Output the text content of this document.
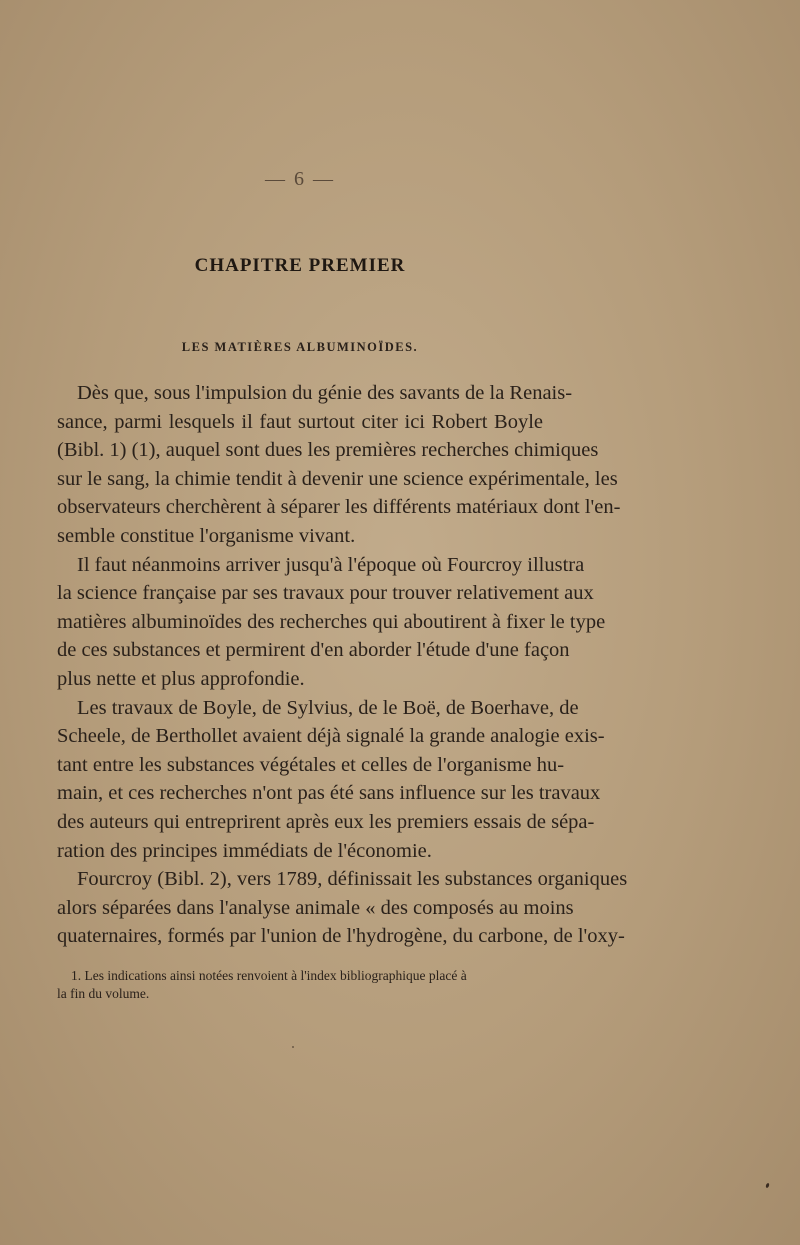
— 6 —
CHAPITRE PREMIER
LES MATIÈRES ALBUMINOÏDES.
Dès que, sous l'impulsion du génie des savants de la Renais-
sance, parmi lesquels il faut surtout citer ici Robert Boyle
(Bibl. 1) (1), auquel sont dues les premières recherches chimiques
sur le sang, la chimie tendit à devenir une science expérimentale, les
observateurs cherchèrent à séparer les différents matériaux dont l'en-
semble constitue l'organisme vivant.
Il faut néanmoins arriver jusqu'à l'époque où Fourcroy illustra
la science française par ses travaux pour trouver relativement aux
matières albuminoïdes des recherches qui aboutirent à fixer le type
de ces substances et permirent d'en aborder l'étude d'une façon
plus nette et plus approfondie.
Les travaux de Boyle, de Sylvius, de le Boë, de Boerhave, de
Scheele, de Berthollet avaient déjà signalé la grande analogie exis-
tant entre les substances végétales et celles de l'organisme hu-
main, et ces recherches n'ont pas été sans influence sur les travaux
des auteurs qui entreprirent après eux les premiers essais de sépa-
ration des principes immédiats de l'économie.
Fourcroy (Bibl. 2), vers 1789, définissait les substances organiques
alors séparées dans l'analyse animale « des composés au moins
quaternaires, formés par l'union de l'hydrogène, du carbone, de l'oxy-
1. Les indications ainsi notées renvoient à l'index bibliographique placé à
la fin du volume.
